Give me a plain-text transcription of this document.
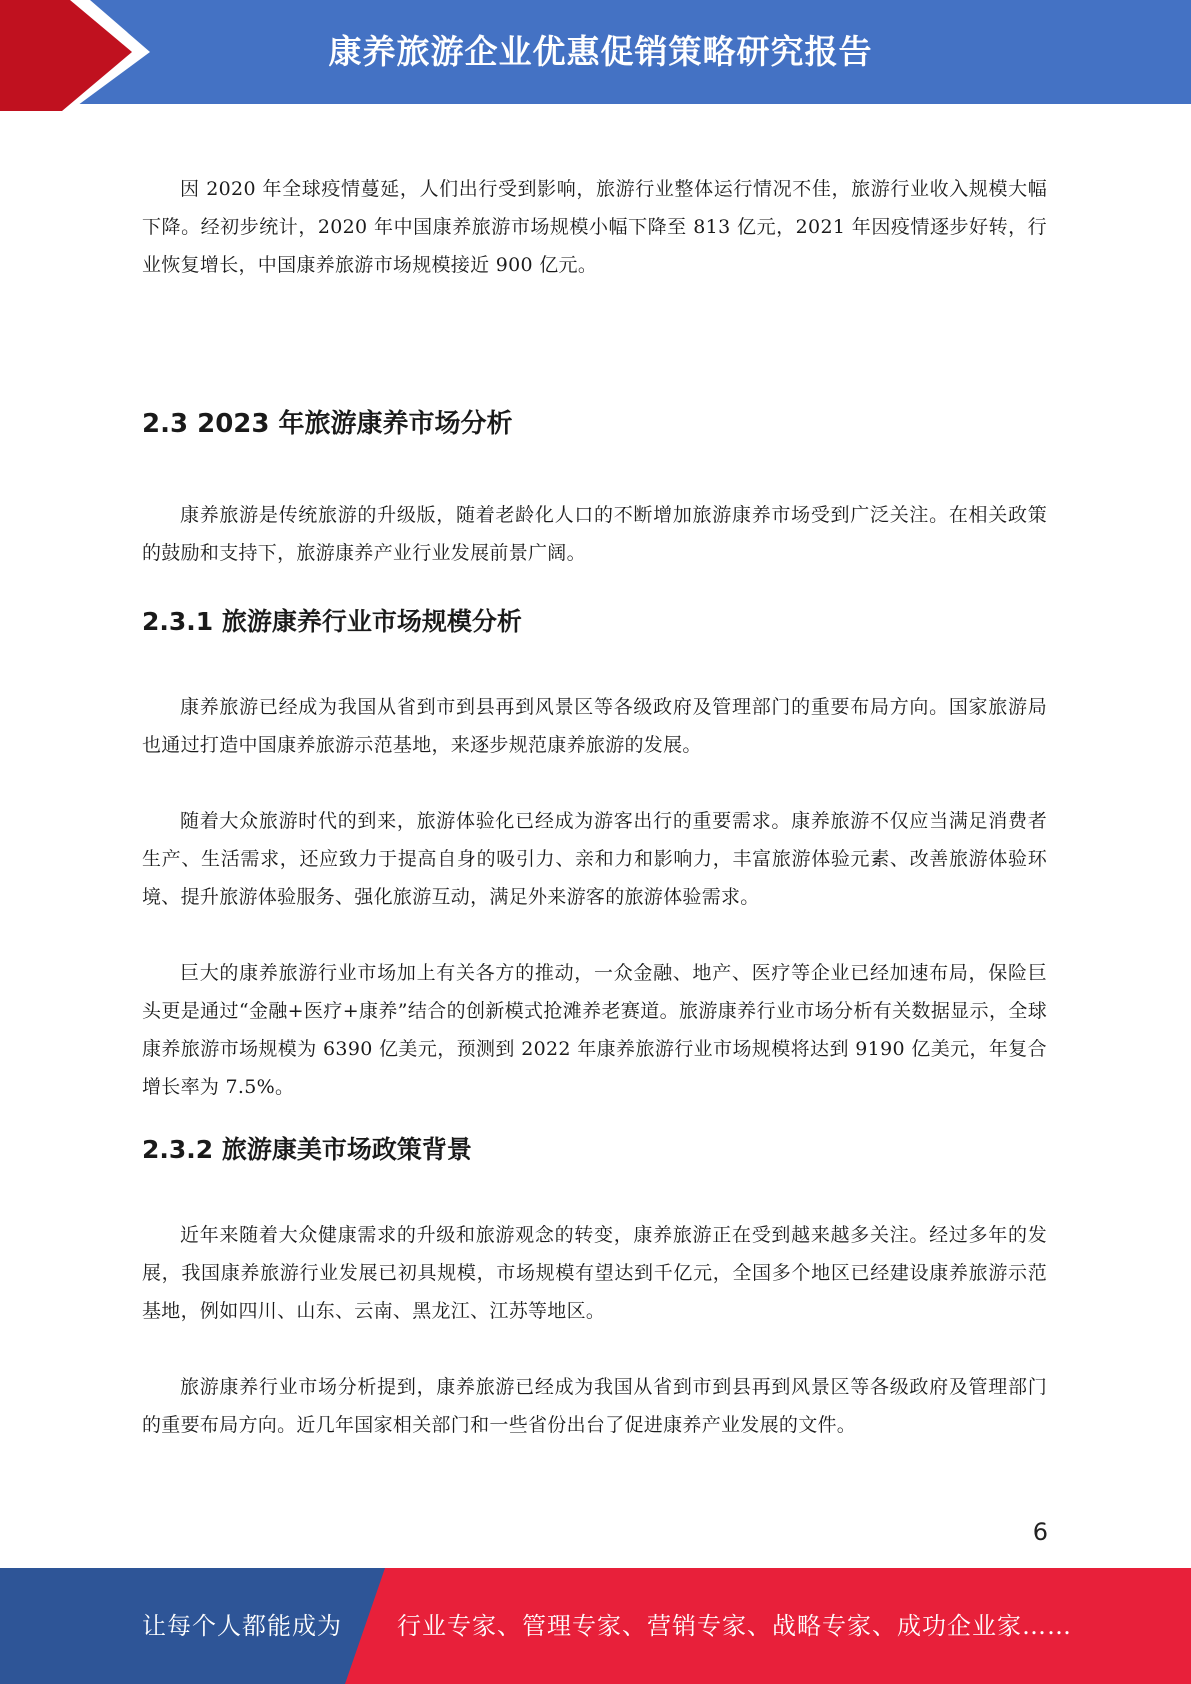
康养旅游企业优惠促销策略研究报告

因 2020 年全球疫情蔓延，人们出行受到影响，旅游行业整体运行情况不佳，旅游行业收入规模大幅下降。经初步统计，2020 年中国康养旅游市场规模小幅下降至 813 亿元，2021 年因疫情逐步好转，行业恢复增长，中国康养旅游市场规模接近 900 亿元。

2.3 2023 年旅游康养市场分析

康养旅游是传统旅游的升级版，随着老龄化人口的不断增加旅游康养市场受到广泛关注。在相关政策的鼓励和支持下，旅游康养产业行业发展前景广阔。

2.3.1 旅游康养行业市场规模分析

康养旅游已经成为我国从省到市到县再到风景区等各级政府及管理部门的重要布局方向。国家旅游局也通过打造中国康养旅游示范基地，来逐步规范康养旅游的发展。

随着大众旅游时代的到来，旅游体验化已经成为游客出行的重要需求。康养旅游不仅应当满足消费者生产、生活需求，还应致力于提高自身的吸引力、亲和力和影响力，丰富旅游体验元素、改善旅游体验环境、提升旅游体验服务、强化旅游互动，满足外来游客的旅游体验需求。

巨大的康养旅游行业市场加上有关各方的推动，一众金融、地产、医疗等企业已经加速布局，保险巨头更是通过“金融+医疗+康养”结合的创新模式抢滩养老赛道。旅游康养行业市场分析有关数据显示，全球康养旅游市场规模为 6390 亿美元，预测到 2022 年康养旅游行业市场规模将达到 9190 亿美元，年复合增长率为 7.5%。

2.3.2 旅游康美市场政策背景

近年来随着大众健康需求的升级和旅游观念的转变，康养旅游正在受到越来越多关注。经过多年的发展，我国康养旅游行业发展已初具规模，市场规模有望达到千亿元，全国多个地区已经建设康养旅游示范基地，例如四川、山东、云南、黑龙江、江苏等地区。

旅游康养行业市场分析提到，康养旅游已经成为我国从省到市到县再到风景区等各级政府及管理部门的重要布局方向。近几年国家相关部门和一些省份出台了促进康养产业发展的文件。

6
让每个人都能成为 行业专家、管理专家、营销专家、战略专家、成功企业家……
